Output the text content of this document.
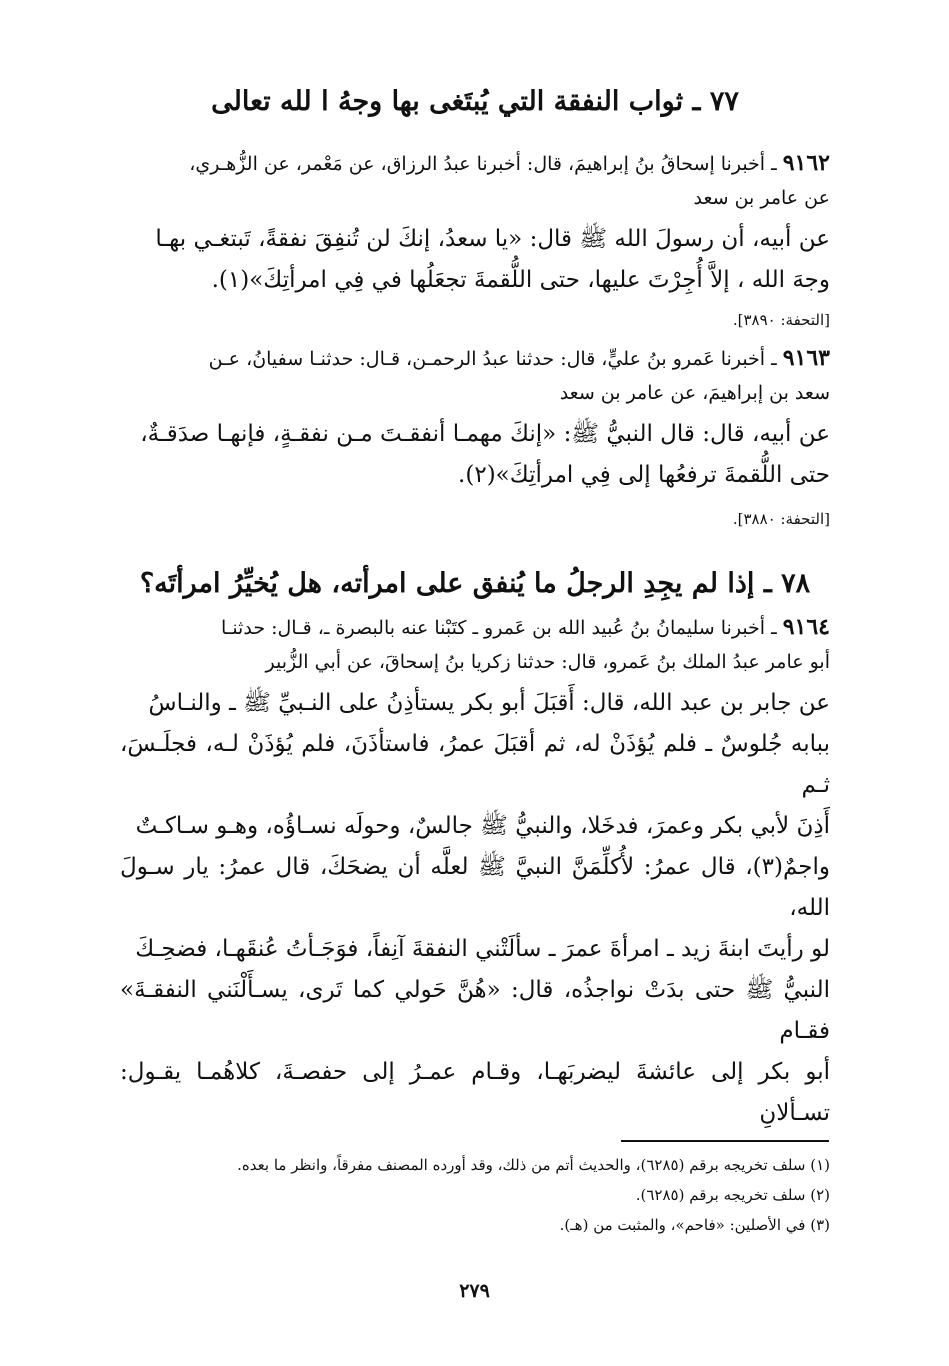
٧٧ ـ ثواب النفقة التي يُبتَغى بها وجهُ ا لله تعالى

٩١٦٢ ـ أخبرنا إسحاقُ بنُ إبراهيمَ، قال: أخبرنا عبدُ الرزاق، عن مَعْمر، عن الزُّهـري،

عن عامر بن سعد

عن أبيه، أن رسولَ الله ﷺ قال: «يا سعدُ، إنكَ لن تُنفِقَ نفقةً، تَبتغـي بهـا

وجهَ الله ، إلاَّ أُجِرْتَ عليها، حتى اللُّقمةَ تجعَلُها في فِي امرأتِكَ»(١).

[التحفة: ٣٨٩٠].

٩١٦٣ ـ أخبرنا عَمرو بنُ عليٍّ، قال: حدثنا عبدُ الرحمـن، قـال: حدثنـا سفيانُ، عـن

سعد بن إبراهيمَ، عن عامر بن سعد

عن أبيه، قال: قال النبيُّ ﷺ: «إنكَ مهمـا أنفقـتَ مـن نفقـةٍ، فإنهـا صدَقـةٌ،

حتى اللُّقمةَ ترفعُها إلى فِي امرأتِكَ»(٢).

[التحفة: ٣٨٨٠].

٧٨ ـ إذا لم يجِدِ الرجلُ ما يُنفق على امرأته، هل يُخيِّرُ امرأتَه؟

٩١٦٤ ـ أخبرنا سليمانُ بنُ عُبيد الله بن عَمرو ـ كتَبْنا عنه بالبصرة ـ، قـال: حدثنـا

أبو عامر عبدُ الملك بنُ عَمرو، قال: حدثنا زكريا بنُ إسحاقَ، عن أبي الزُّبير

عن جابر بن عبد الله، قال: أَقبَلَ أبو بكر يستأذِنُ على النـبيِّ ﷺ ـ والنـاسُ

ببابه جُلوسٌ ـ فلم يُؤذَنْ له، ثم أقبَلَ عمرُ، فاستأذَنَ، فلم يُؤذَنْ لـه، فجلَـسَ، ثـم

أَذِنَ لأبي بكر وعمرَ، فدخَلا، والنبيُّ ﷺ جالسٌ، وحولَه نسـاؤُه، وهـو سـاكـتٌ

واجمٌ(٣)، قال عمرُ: لأُكلِّمَنَّ النبيَّ ﷺ لعلَّه أن يضحَكَ، قال عمرُ: يار سـولَ الله،

لو رأيتَ ابنةَ زيد ـ امرأةَ عمرَ ـ سألَتْني النفقةَ آنِفاً، فوَجَـأتُ عُنقَهـا، فضحِـكَ

النبيُّ ﷺ حتى بدَتْ نواجذُه، قال: «هُنَّ حَولي كما تَرى، يسـأَلْنَني النفقـةَ» فقـام

أبو بكر إلى عائشةَ ليضربَهـا، وقـام عمـرُ إلى حفصـةَ، كلاهُمـا يقـول: تسـألانِ

(١) سلف تخريجه برقم (٦٢٨٥)، والحديث أتم من ذلك، وقد أورده المصنف مفرقاً، وانظر ما بعده.

(٢) سلف تخريجه برقم (٦٢٨٥).

(٣) في الأصلين: «فاحم»، والمثبت من (هـ).

٢٧٩
